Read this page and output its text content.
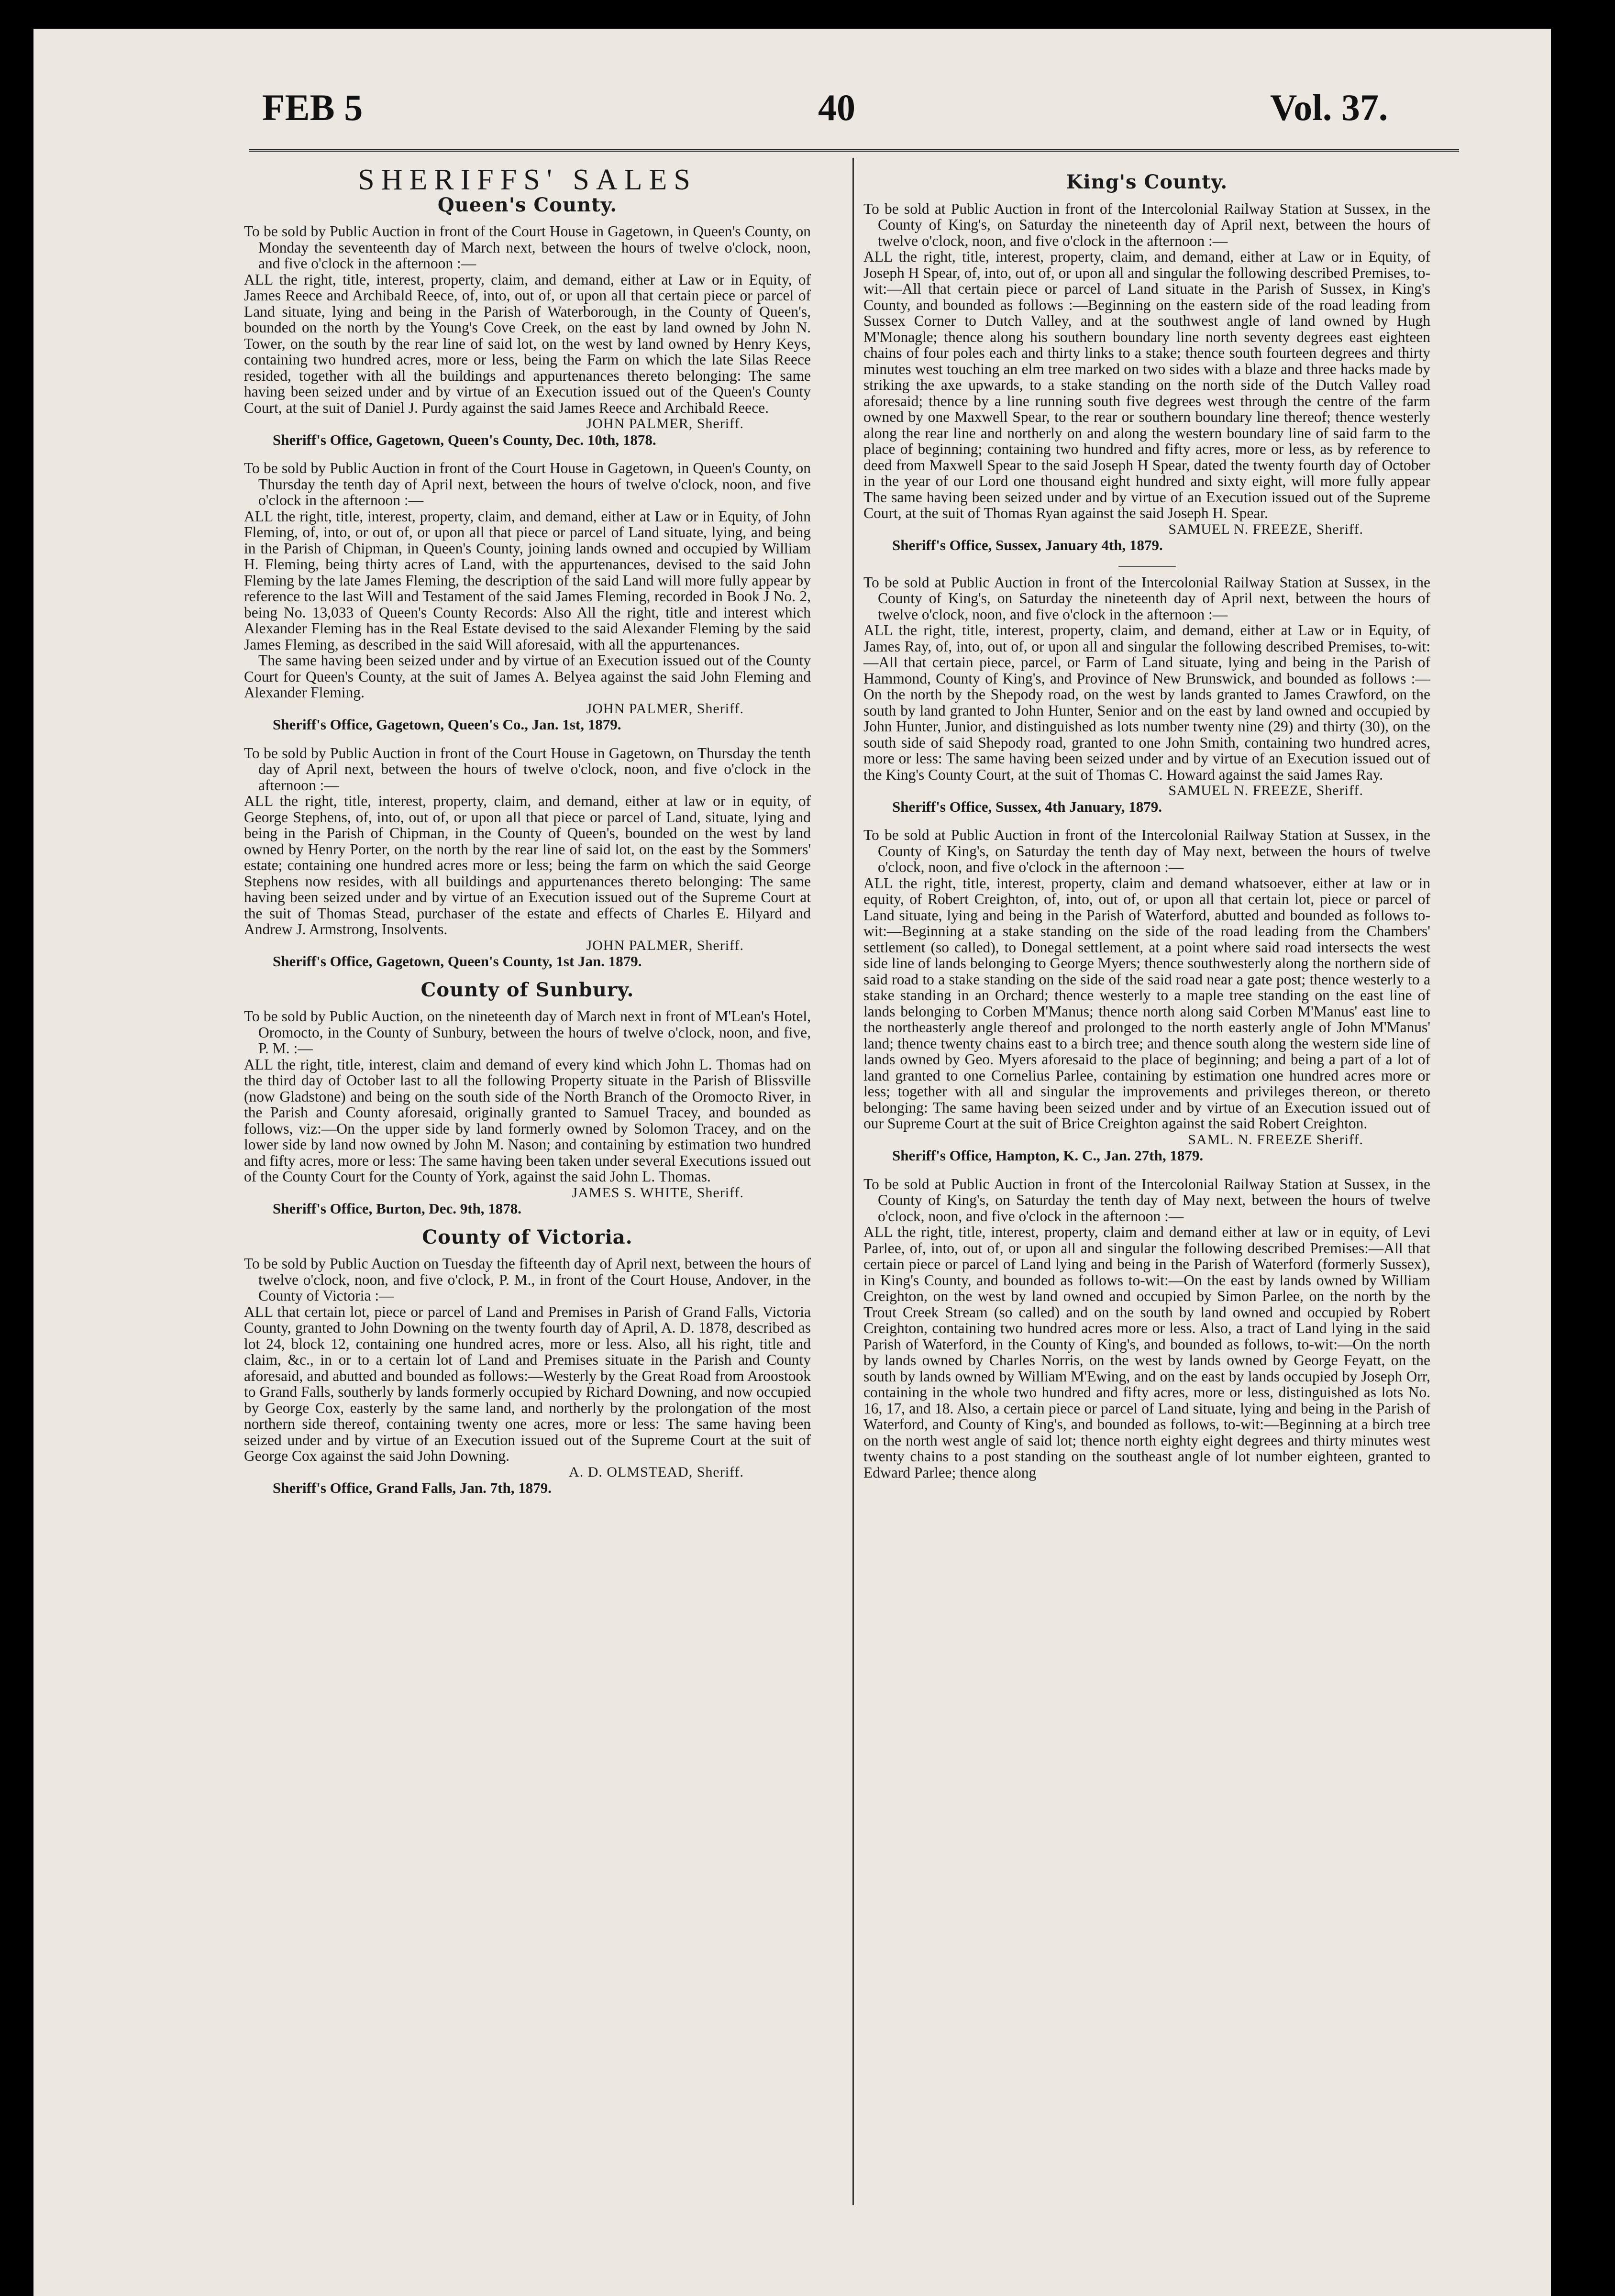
FEB 5	40	Vol. 37.
SHERIFFS' SALES
Queen's County.

To be sold by Public Auction in front of the Court House in Gagetown, in Queen's County, on Monday the seventeenth day of March next, between the hours of twelve o'clock, noon, and five o'clock in the afternoon :—

ALL the right, title, interest, property, claim, and demand, either at Law or in Equity, of James Reece and Archibald Reece, of, into, out of, or upon all that certain piece or parcel of Land situate, lying and being in the Parish of Waterborough, in the County of Queen's, bounded on the north by the Young's Cove Creek, on the east by land owned by John N. Tower, on the south by the rear line of said lot, on the west by land owned by Henry Keys, containing two hundred acres, more or less, being the Farm on which the late Silas Reece resided, together with all the buildings and appurtenances thereto belonging: The same having been seized under and by virtue of an Execution issued out of the Queen's County Court, at the suit of Daniel J. Purdy against the said James Reece and Archibald Reece.

JOHN PALMER, Sheriff.

Sheriff's Office, Gagetown, Queen's County, Dec. 10th, 1878.

To be sold by Public Auction in front of the Court House in Gagetown, in Queen's County, on Thursday the tenth day of April next, between the hours of twelve o'clock, noon, and five o'clock in the afternoon :—

ALL the right, title, interest, property, claim, and demand, either at Law or in Equity, of John Fleming, of, into, or out of, or upon all that piece or parcel of Land situate, lying, and being in the Parish of Chipman, in Queen's County, joining lands owned and occupied by William H. Fleming, being thirty acres of Land, with the appurtenances, devised to the said John Fleming by the late James Fleming, the description of the said Land will more fully appear by reference to the last Will and Testament of the said James Fleming, recorded in Book J No. 2, being No. 13,033 of Queen's County Records: Also All the right, title and interest which Alexander Fleming has in the Real Estate devised to the said Alexander Fleming by the said James Fleming, as described in the said Will aforesaid, with all the appurtenances.

The same having been seized under and by virtue of an Execution issued out of the County Court for Queen's County, at the suit of James A. Belyea against the said John Fleming and Alexander Fleming.

JOHN PALMER, Sheriff.

Sheriff's Office, Gagetown, Queen's Co., Jan. 1st, 1879.

To be sold by Public Auction in front of the Court House in Gagetown, on Thursday the tenth day of April next, between the hours of twelve o'clock, noon, and five o'clock in the afternoon :—

ALL the right, title, interest, property, claim, and demand, either at law or in equity, of George Stephens, of, into, out of, or upon all that piece or parcel of Land, situate, lying and being in the Parish of Chipman, in the County of Queen's, bounded on the west by land owned by Henry Porter, on the north by the rear line of said lot, on the east by the Sommers' estate; containing one hundred acres more or less; being the farm on which the said George Stephens now resides, with all buildings and appurtenances thereto belonging: The same having been seized under and by virtue of an Execution issued out of the Supreme Court at the suit of Thomas Stead, purchaser of the estate and effects of Charles E. Hilyard and Andrew J. Armstrong, Insolvents.

JOHN PALMER, Sheriff.

Sheriff's Office, Gagetown, Queen's County, 1st Jan. 1879.

County of Sunbury.

To be sold by Public Auction, on the nineteenth day of March next in front of M'Lean's Hotel, Oromocto, in the County of Sunbury, between the hours of twelve o'clock, noon, and five, P. M. :—

ALL the right, title, interest, claim and demand of every kind which John L. Thomas had on the third day of October last to all the following Property situate in the Parish of Blissville (now Gladstone) and being on the south side of the North Branch of the Oromocto River, in the Parish and County aforesaid, originally granted to Samuel Tracey, and bounded as follows, viz:—On the upper side by land formerly owned by Solomon Tracey, and on the lower side by land now owned by John M. Nason; and containing by estimation two hundred and fifty acres, more or less: The same having been taken under several Executions issued out of the County Court for the County of York, against the said John L. Thomas.

JAMES S. WHITE, Sheriff.

Sheriff's Office, Burton, Dec. 9th, 1878.

County of Victoria.

To be sold by Public Auction on Tuesday the fifteenth day of April next, between the hours of twelve o'clock, noon, and five o'clock, P. M., in front of the Court House, Andover, in the County of Victoria :—

ALL that certain lot, piece or parcel of Land and Premises in Parish of Grand Falls, Victoria County, granted to John Downing on the twenty fourth day of April, A. D. 1878, described as lot 24, block 12, containing one hundred acres, more or less. Also, all his right, title and claim, &c., in or to a certain lot of Land and Premises situate in the Parish and County aforesaid, and abutted and bounded as follows:—Westerly by the Great Road from Aroostook to Grand Falls, southerly by lands formerly occupied by Richard Downing, and now occupied by George Cox, easterly by the same land, and northerly by the prolongation of the most northern side thereof, containing twenty one acres, more or less: The same having been seized under and by virtue of an Execution issued out of the Supreme Court at the suit of George Cox against the said John Downing.

A. D. OLMSTEAD, Sheriff.

Sheriff's Office, Grand Falls, Jan. 7th, 1879.

King's County.

To be sold at Public Auction in front of the Intercolonial Railway Station at Sussex, in the County of King's, on Saturday the nineteenth day of April next, between the hours of twelve o'clock, noon, and five o'clock in the afternoon :—

ALL the right, title, interest, property, claim, and demand, either at Law or in Equity, of Joseph H Spear, of, into, out of, or upon all and singular the following described Premises, to-wit:—All that certain piece or parcel of Land situate in the Parish of Sussex, in King's County, and bounded as follows :—Beginning on the eastern side of the road leading from Sussex Corner to Dutch Valley, and at the southwest angle of land owned by Hugh M'Monagle; thence along his southern boundary line north seventy degrees east eighteen chains of four poles each and thirty links to a stake; thence south fourteen degrees and thirty minutes west touching an elm tree marked on two sides with a blaze and three hacks made by striking the axe upwards, to a stake standing on the north side of the Dutch Valley road aforesaid; thence by a line running south five degrees west through the centre of the farm owned by one Maxwell Spear, to the rear or southern boundary line thereof; thence westerly along the rear line and northerly on and along the western boundary line of said farm to the place of beginning; containing two hundred and fifty acres, more or less, as by reference to deed from Maxwell Spear to the said Joseph H Spear, dated the twenty fourth day of October in the year of our Lord one thousand eight hundred and sixty eight, will more fully appear The same having been seized under and by virtue of an Execution issued out of the Supreme Court, at the suit of Thomas Ryan against the said Joseph H. Spear.

SAMUEL N. FREEZE, Sheriff.

Sheriff's Office, Sussex, January 4th, 1879.

To be sold at Public Auction in front of the Intercolonial Railway Station at Sussex, in the County of King's, on Saturday the nineteenth day of April next, between the hours of twelve o'clock, noon, and five o'clock in the afternoon :—

ALL the right, title, interest, property, claim, and demand, either at Law or in Equity, of James Ray, of, into, out of, or upon all and singular the following described Premises, to-wit:—All that certain piece, parcel, or Farm of Land situate, lying and being in the Parish of Hammond, County of King's, and Province of New Brunswick, and bounded as follows :—On the north by the Shepody road, on the west by lands granted to James Crawford, on the south by land granted to John Hunter, Senior and on the east by land owned and occupied by John Hunter, Junior, and distinguished as lots number twenty nine (29) and thirty (30), on the south side of said Shepody road, granted to one John Smith, containing two hundred acres, more or less: The same having been seized under and by virtue of an Execution issued out of the King's County Court, at the suit of Thomas C. Howard against the said James Ray.

SAMUEL N. FREEZE, Sheriff.

Sheriff's Office, Sussex, 4th January, 1879.

To be sold at Public Auction in front of the Intercolonial Railway Station at Sussex, in the County of King's, on Saturday the tenth day of May next, between the hours of twelve o'clock, noon, and five o'clock in the afternoon :—

ALL the right, title, interest, property, claim and demand whatsoever, either at law or in equity, of Robert Creighton, of, into, out of, or upon all that certain lot, piece or parcel of Land situate, lying and being in the Parish of Waterford, abutted and bounded as follows to-wit:—Beginning at a stake standing on the side of the road leading from the Chambers' settlement (so called), to Donegal settlement, at a point where said road intersects the west side line of lands belonging to George Myers; thence southwesterly along the northern side of said road to a stake standing on the side of the said road near a gate post; thence westerly to a stake standing in an Orchard; thence westerly to a maple tree standing on the east line of lands belonging to Corben M'Manus; thence north along said Corben M'Manus' east line to the northeasterly angle thereof and prolonged to the north easterly angle of John M'Manus' land; thence twenty chains east to a birch tree; and thence south along the western side line of lands owned by Geo. Myers aforesaid to the place of beginning; and being a part of a lot of land granted to one Cornelius Parlee, containing by estimation one hundred acres more or less; together with all and singular the improvements and privileges thereon, or thereto belonging: The same having been seized under and by virtue of an Execution issued out of our Supreme Court at the suit of Brice Creighton against the said Robert Creighton.

SAML. N. FREEZE Sheriff.

Sheriff's Office, Hampton, K. C., Jan. 27th, 1879.

To be sold at Public Auction in front of the Intercolonial Railway Station at Sussex, in the County of King's, on Saturday the tenth day of May next, between the hours of twelve o'clock, noon, and five o'clock in the afternoon :—

ALL the right, title, interest, property, claim and demand either at law or in equity, of Levi Parlee, of, into, out of, or upon all and singular the following described Premises:—All that certain piece or parcel of Land lying and being in the Parish of Waterford (formerly Sussex), in King's County, and bounded as follows to-wit:—On the east by lands owned by William Creighton, on the west by land owned and occupied by Simon Parlee, on the north by the Trout Creek Stream (so called) and on the south by land owned and occupied by Robert Creighton, containing two hundred acres more or less. Also, a tract of Land lying in the said Parish of Waterford, in the County of King's, and bounded as follows, to-wit:—On the north by lands owned by Charles Norris, on the west by lands owned by George Feyatt, on the south by lands owned by William M'Ewing, and on the east by lands occupied by Joseph Orr, containing in the whole two hundred and fifty acres, more or less, distinguished as lots No. 16, 17, and 18. Also, a certain piece or parcel of Land situate, lying and being in the Parish of Waterford, and County of King's, and bounded as follows, to-wit:—Beginning at a birch tree on the north west angle of said lot; thence north eighty eight degrees and thirty minutes west twenty chains to a post standing on the southeast angle of lot number eighteen, granted to Edward Parlee; thence along
